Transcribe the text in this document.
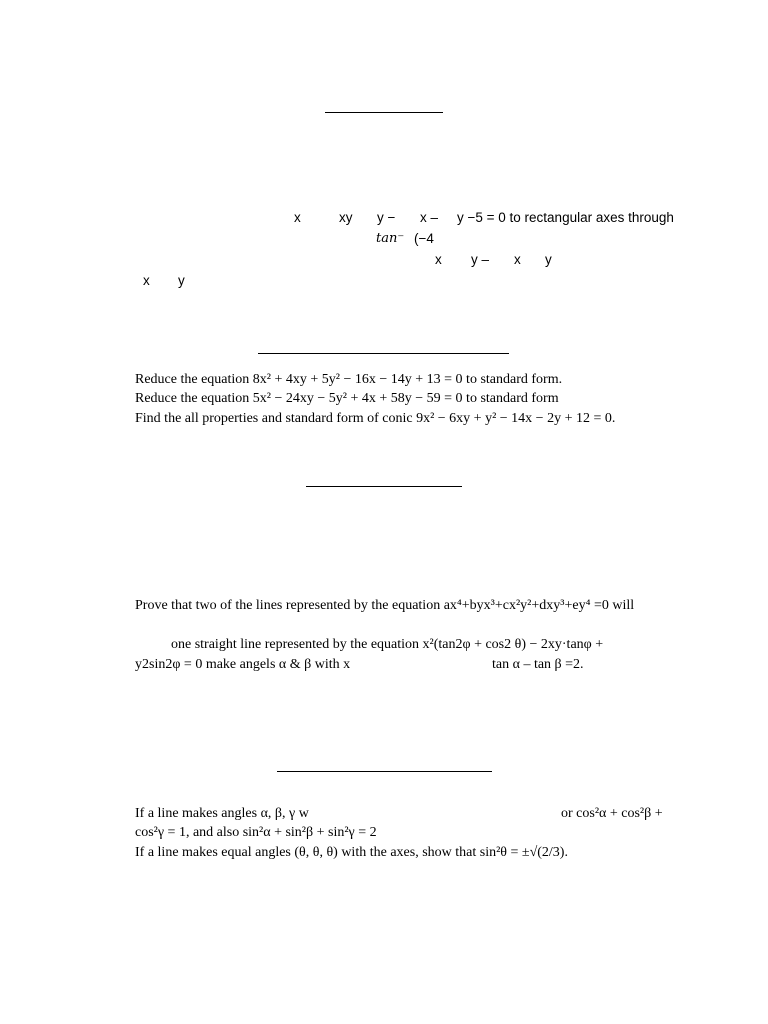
x	xy y − x – y −5 = 0 to rectangular axes through
tan⁻ (−4
x y – x y
x y
Reduce the equation 8x² + 4xy + 5y² − 16x − 14y + 13 = 0 to standard form.
Reduce the equation 5x² − 24xy − 5y² + 4x + 58y − 59 = 0 to standard form
Find the all properties and standard form of conic 9x² − 6xy + y² − 14x − 2y + 12 = 0.
Prove that two of the lines represented by the equation ax⁴+byx³+cx²y²+dxy³+ey⁴ =0 will
one straight line represented by the equation x²(tan2φ + cos2 θ) − 2xy·tanφ +
y2sin2φ = 0 make angels α & β with x	tan α – tan β =2.
If a line makes angles α, β, γ w	or cos²α + cos²β +
cos²γ = 1, and also sin²α + sin²β + sin²γ = 2
If a line makes equal angles (θ, θ, θ) with the axes, show that sin²θ = ±√(2/3).
